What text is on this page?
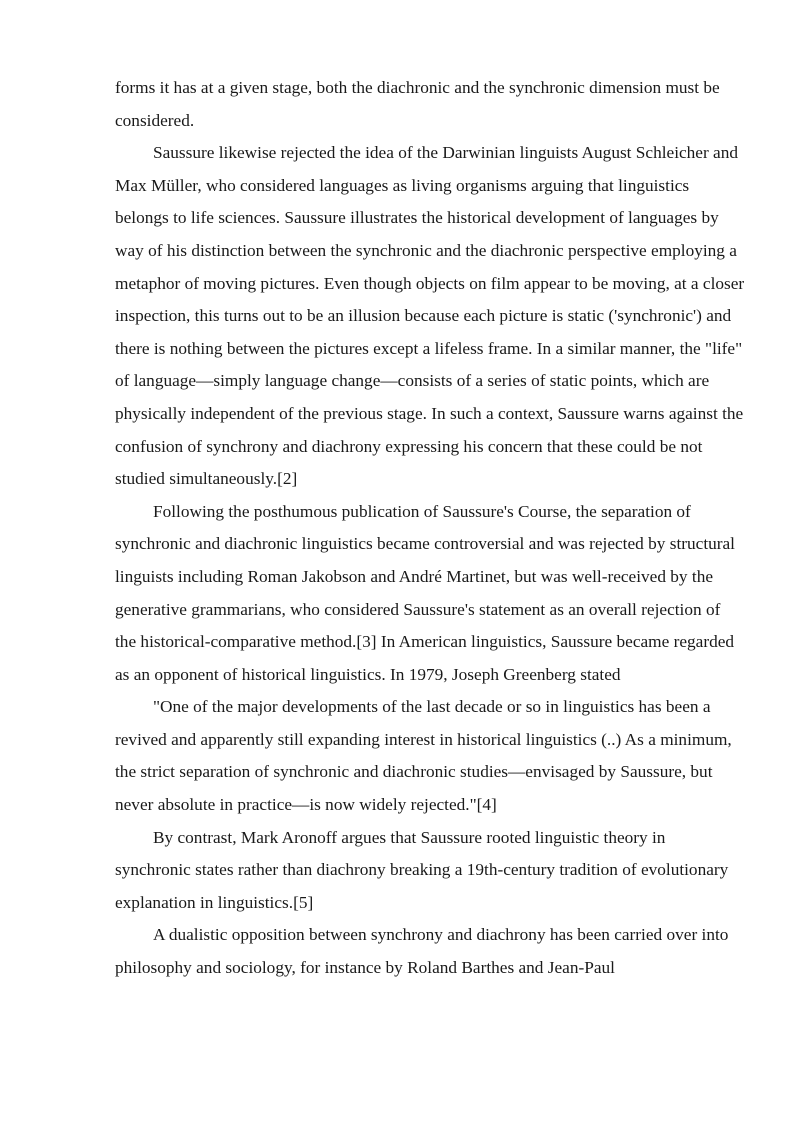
forms it has at a given stage, both the diachronic and the synchronic dimension must be considered.

Saussure likewise rejected the idea of the Darwinian linguists August Schleicher and Max Müller, who considered languages as living organisms arguing that linguistics belongs to life sciences. Saussure illustrates the historical development of languages by way of his distinction between the synchronic and the diachronic perspective employing a metaphor of moving pictures. Even though objects on film appear to be moving, at a closer inspection, this turns out to be an illusion because each picture is static ('synchronic') and there is nothing between the pictures except a lifeless frame. In a similar manner, the "life" of language—simply language change—consists of a series of static points, which are physically independent of the previous stage. In such a context, Saussure warns against the confusion of synchrony and diachrony expressing his concern that these could be not studied simultaneously.[2]

Following the posthumous publication of Saussure's Course, the separation of synchronic and diachronic linguistics became controversial and was rejected by structural linguists including Roman Jakobson and André Martinet, but was well-received by the generative grammarians, who considered Saussure's statement as an overall rejection of the historical-comparative method.[3] In American linguistics, Saussure became regarded as an opponent of historical linguistics. In 1979, Joseph Greenberg stated

"One of the major developments of the last decade or so in linguistics has been a revived and apparently still expanding interest in historical linguistics (..) As a minimum, the strict separation of synchronic and diachronic studies—envisaged by Saussure, but never absolute in practice—is now widely rejected."[4]

By contrast, Mark Aronoff argues that Saussure rooted linguistic theory in synchronic states rather than diachrony breaking a 19th-century tradition of evolutionary explanation in linguistics.[5]

A dualistic opposition between synchrony and diachrony has been carried over into philosophy and sociology, for instance by Roland Barthes and Jean-Paul
